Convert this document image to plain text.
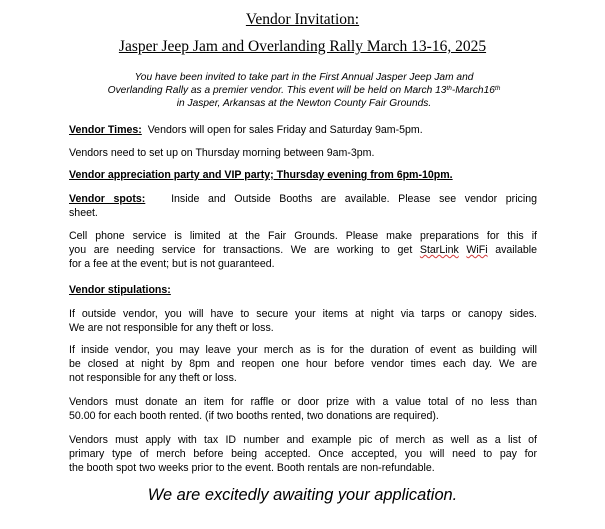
Vendor Invitation:
Jasper Jeep Jam and Overlanding Rally March 13-16, 2025
You have been invited to take part in the First Annual Jasper Jeep Jam and
Overlanding Rally as a premier vendor. This event will be held on March 13th-March16th
in Jasper, Arkansas at the Newton County Fair Grounds.
Vendor Times: Vendors will open for sales Friday and Saturday 9am-5pm.
Vendors need to set up on Thursday morning between 9am-3pm.
Vendor appreciation party and VIP party; Thursday evening from 6pm-10pm.
Vendor spots: Inside and Outside Booths are available. Please see vendor pricing
sheet.
Cell phone service is limited at the Fair Grounds. Please make preparations for this if
you are needing service for transactions. We are working to get StarLink WiFi available
for a fee at the event; but is not guaranteed.
Vendor stipulations:
If outside vendor, you will have to secure your items at night via tarps or canopy sides.
We are not responsible for any theft or loss.
If inside vendor, you may leave your merch as is for the duration of event as building will
be closed at night by 8pm and reopen one hour before vendor times each day. We are
not responsible for any theft or loss.
Vendors must donate an item for raffle or door prize with a value total of no less than
50.00 for each booth rented. (if two booths rented, two donations are required).
Vendors must apply with tax ID number and example pic of merch as well as a list of
primary type of merch before being accepted. Once accepted, you will need to pay for
the booth spot two weeks prior to the event. Booth rentals are non-refundable.
We are excitedly awaiting your application.
